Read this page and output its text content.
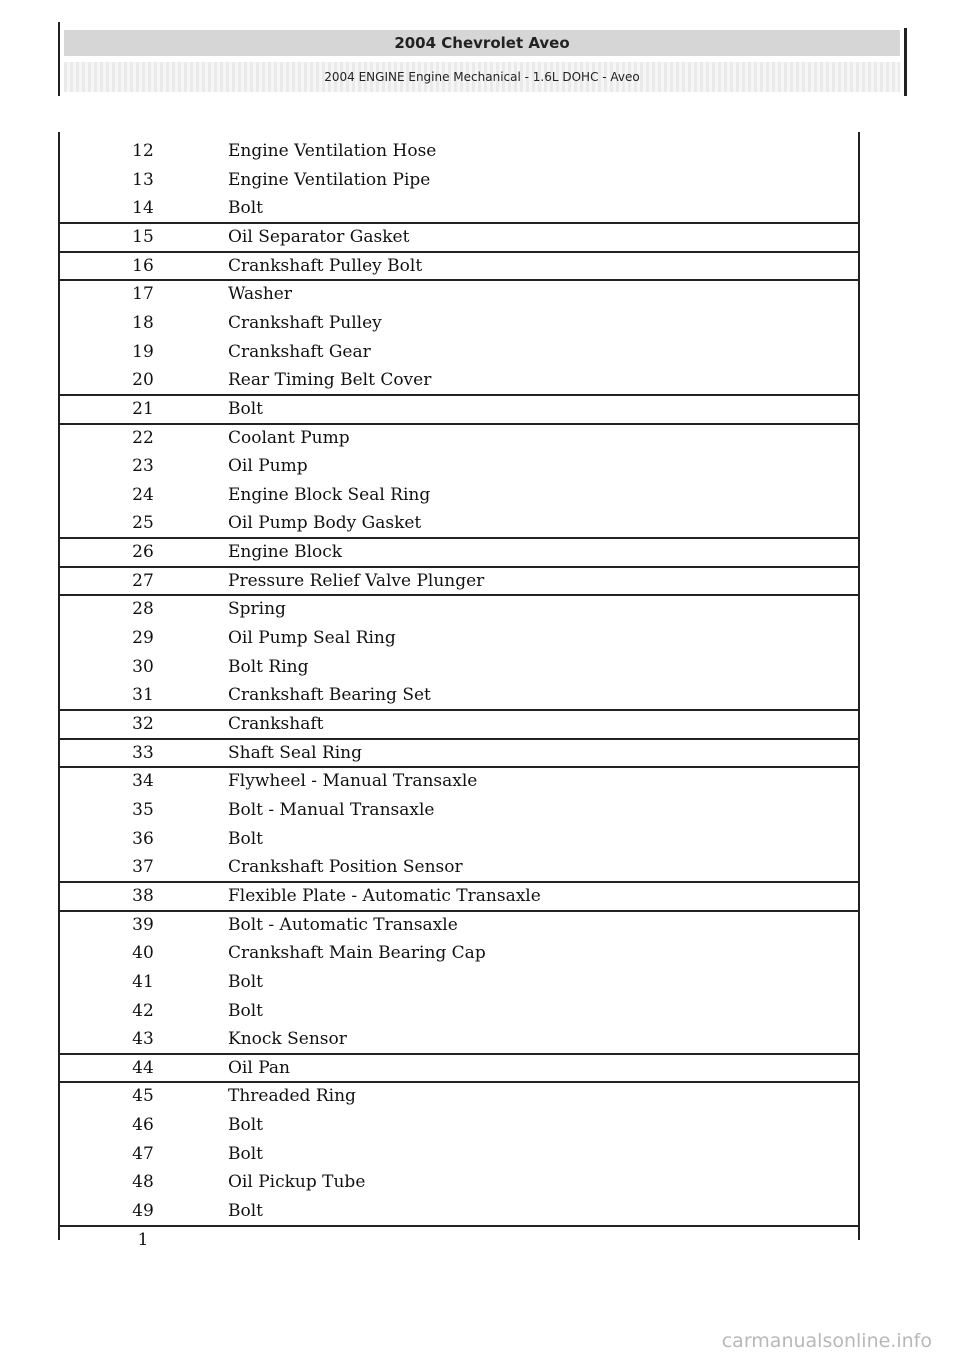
2004 Chevrolet Aveo
2004 ENGINE Engine Mechanical - 1.6L DOHC - Aveo
12	Engine Ventilation Hose
13	Engine Ventilation Pipe
14	Bolt
15	Oil Separator Gasket
16	Crankshaft Pulley Bolt
17	Washer
18	Crankshaft Pulley
19	Crankshaft Gear
20	Rear Timing Belt Cover
21	Bolt
22	Coolant Pump
23	Oil Pump
24	Engine Block Seal Ring
25	Oil Pump Body Gasket
26	Engine Block
27	Pressure Relief Valve Plunger
28	Spring
29	Oil Pump Seal Ring
30	Bolt Ring
31	Crankshaft Bearing Set
32	Crankshaft
33	Shaft Seal Ring
34	Flywheel - Manual Transaxle
35	Bolt - Manual Transaxle
36	Bolt
37	Crankshaft Position Sensor
38	Flexible Plate - Automatic Transaxle
39	Bolt - Automatic Transaxle
40	Crankshaft Main Bearing Cap
41	Bolt
42	Bolt
43	Knock Sensor
44	Oil Pan
45	Threaded Ring
46	Bolt
47	Bolt
48	Oil Pickup Tube
49	Bolt
1
carmanualsonline.info
